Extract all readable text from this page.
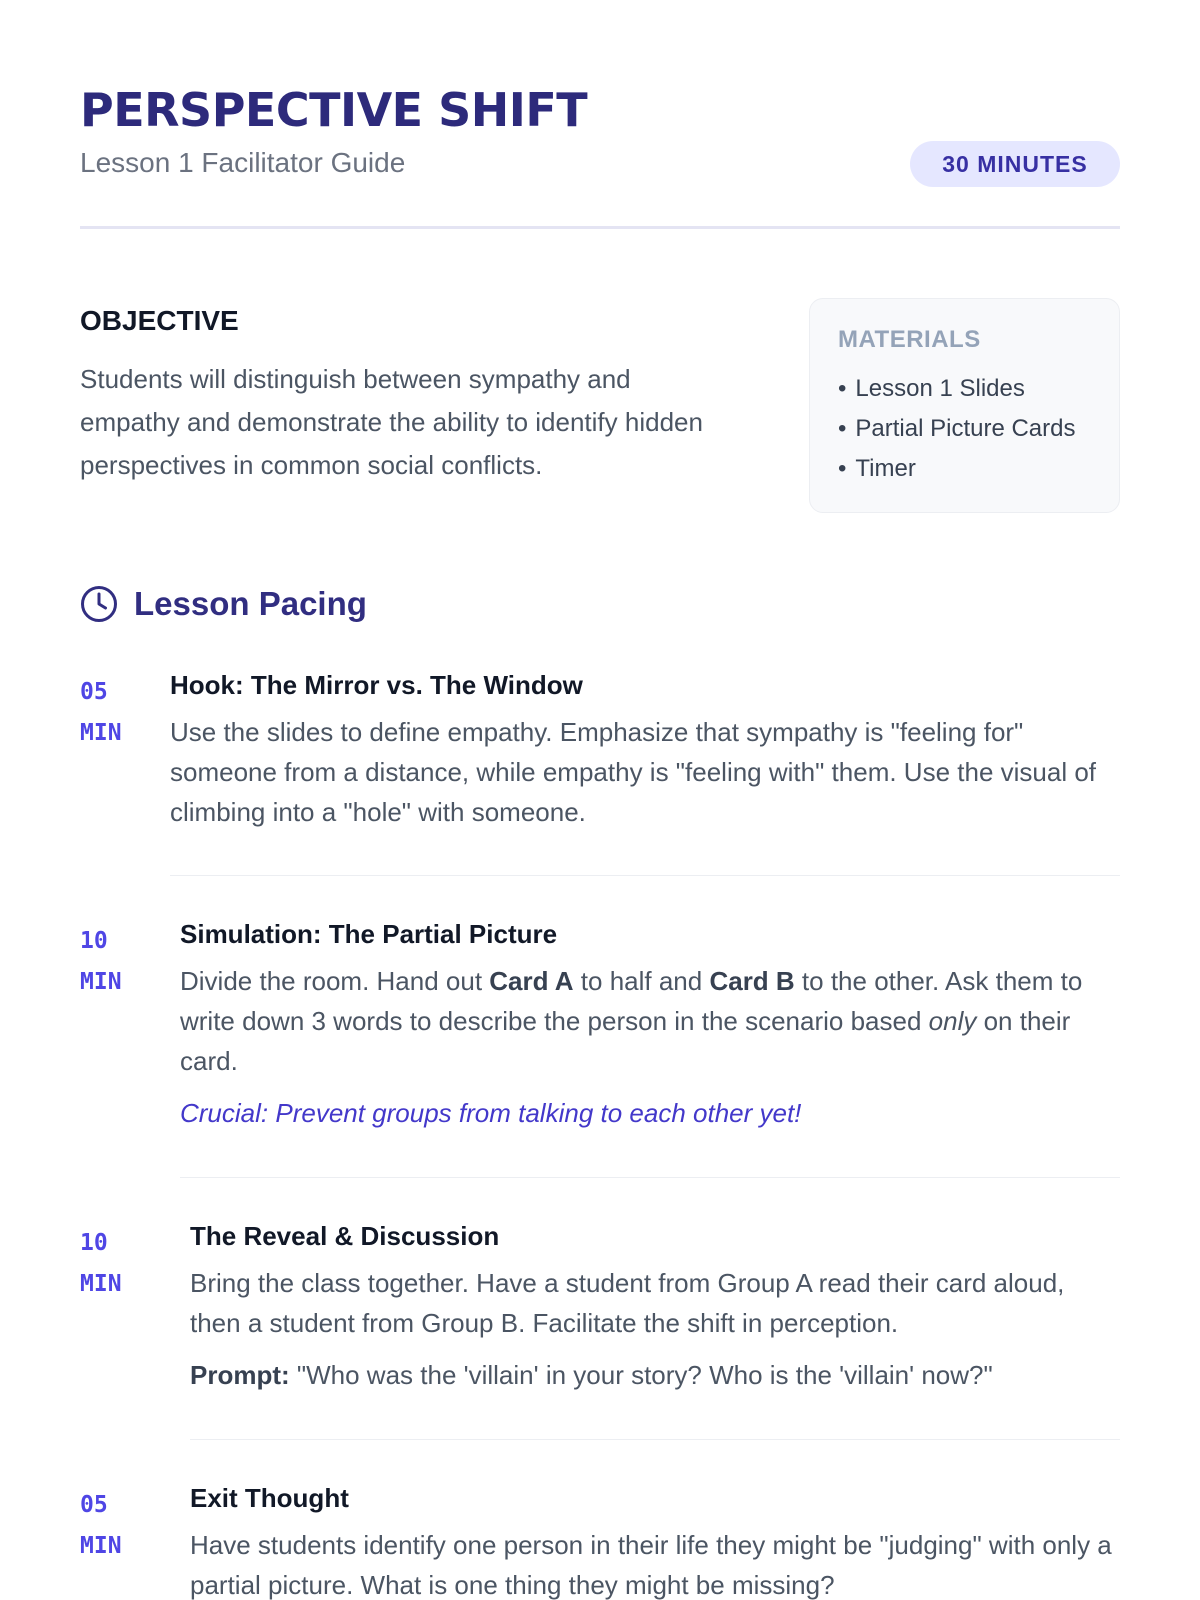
PERSPECTIVE SHIFT
Lesson 1 Facilitator Guide	30 MINUTES
OBJECTIVE

Students will distinguish between sympathy and empathy and demonstrate the ability to identify hidden perspectives in common social conflicts.

MATERIALS
• Lesson 1 Slides
• Partial Picture Cards
• Timer
Lesson Pacing
05
MIN
Hook: The Mirror vs. The Window

Use the slides to define empathy. Emphasize that sympathy is "feeling for" someone from a distance, while empathy is "feeling with" them. Use the visual of climbing into a "hole" with someone.

10
MIN
Simulation: The Partial Picture

Divide the room. Hand out Card A to half and Card B to the other. Ask them to write down 3 words to describe the person in the scenario based only on their card.

Crucial: Prevent groups from talking to each other yet!

10
MIN
The Reveal & Discussion

Bring the class together. Have a student from Group A read their card aloud, then a student from Group B. Facilitate the shift in perception.

Prompt: "Who was the 'villain' in your story? Who is the 'villain' now?"

05
MIN
Exit Thought

Have students identify one person in their life they might be "judging" with only a partial picture. What is one thing they might be missing?
